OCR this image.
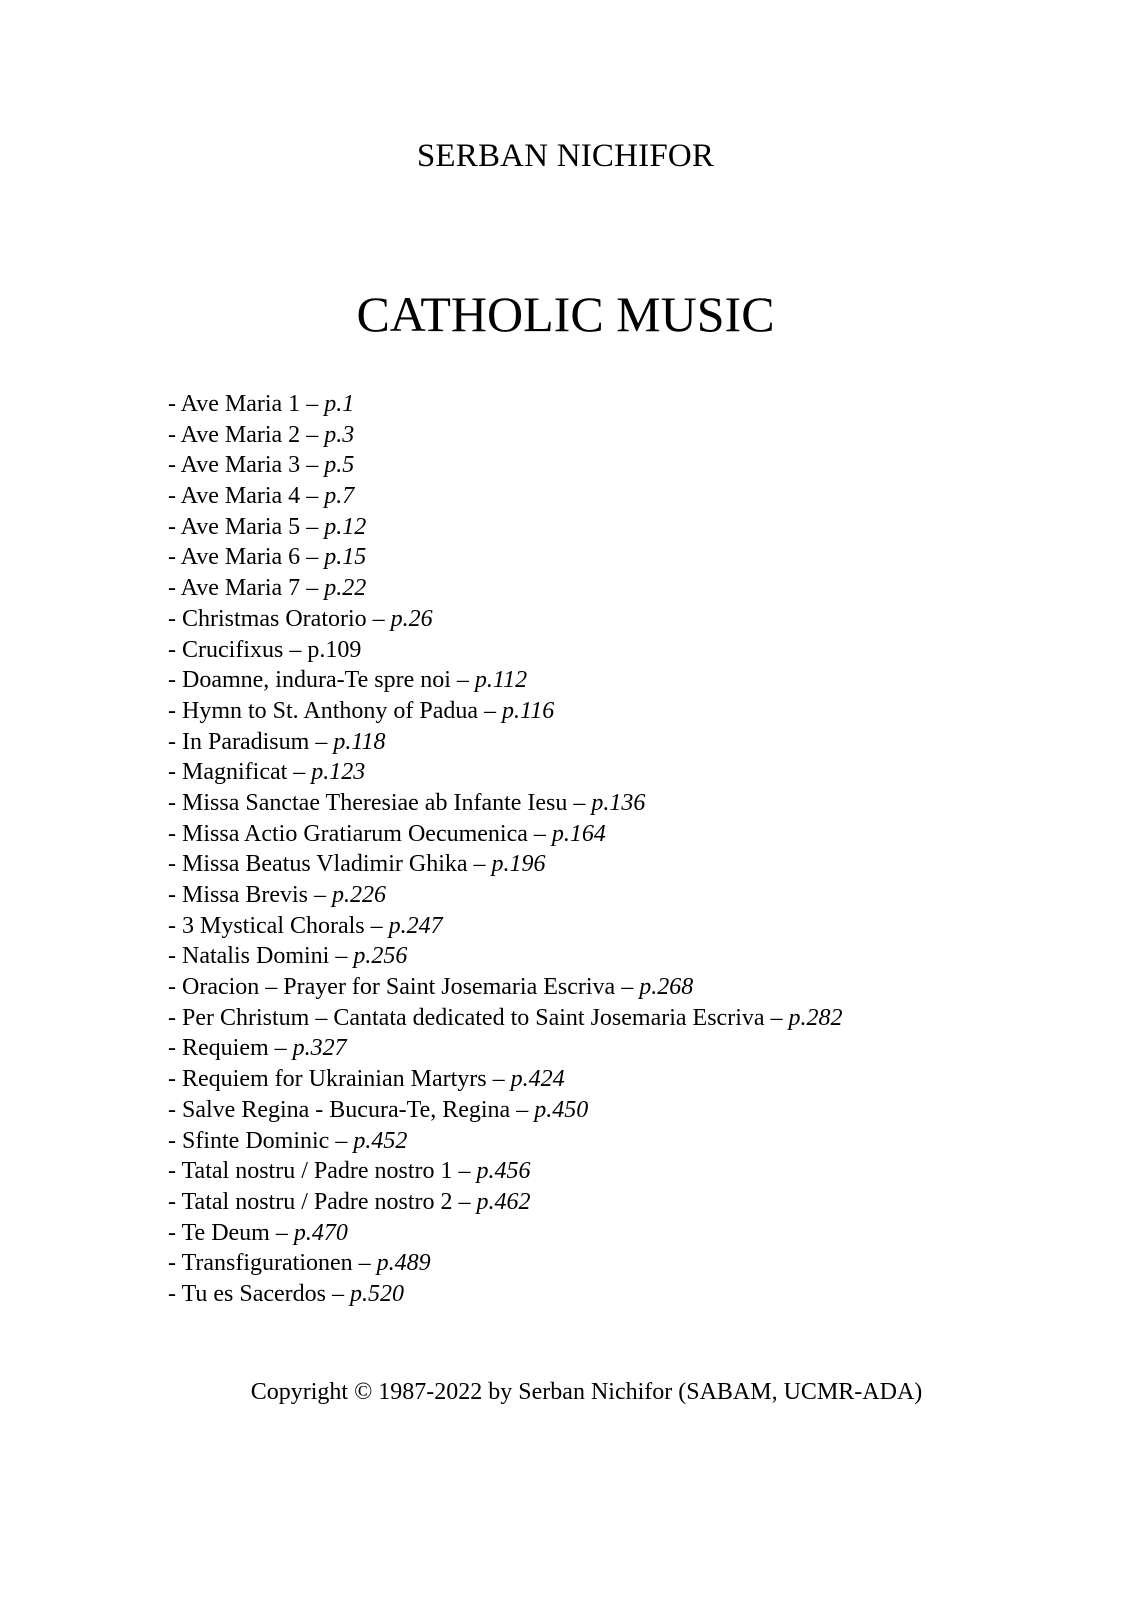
SERBAN NICHIFOR
CATHOLIC MUSIC
- Ave Maria 1 – p.1
- Ave Maria 2 – p.3
- Ave Maria 3 – p.5
- Ave Maria 4 – p.7
- Ave Maria 5 – p.12
- Ave Maria 6 – p.15
- Ave Maria 7 – p.22
- Christmas Oratorio – p.26
- Crucifixus – p.109
- Doamne, indura-Te spre noi – p.112
- Hymn to St. Anthony of Padua – p.116
- In Paradisum – p.118
- Magnificat – p.123
- Missa Sanctae Theresiae ab Infante Iesu – p.136
- Missa Actio Gratiarum Oecumenica – p.164
- Missa Beatus Vladimir Ghika – p.196
- Missa Brevis – p.226
- 3 Mystical Chorals – p.247
- Natalis Domini – p.256
- Oracion – Prayer for Saint Josemaria Escriva – p.268
- Per Christum – Cantata dedicated to Saint Josemaria Escriva – p.282
- Requiem – p.327
- Requiem for Ukrainian Martyrs – p.424
- Salve Regina - Bucura-Te, Regina – p.450
- Sfinte Dominic – p.452
- Tatal nostru / Padre nostro 1 – p.456
- Tatal nostru / Padre nostro 2 – p.462
- Te Deum – p.470
- Transfigurationen – p.489
- Tu es Sacerdos – p.520
Copyright © 1987-2022 by Serban Nichifor (SABAM, UCMR-ADA)
